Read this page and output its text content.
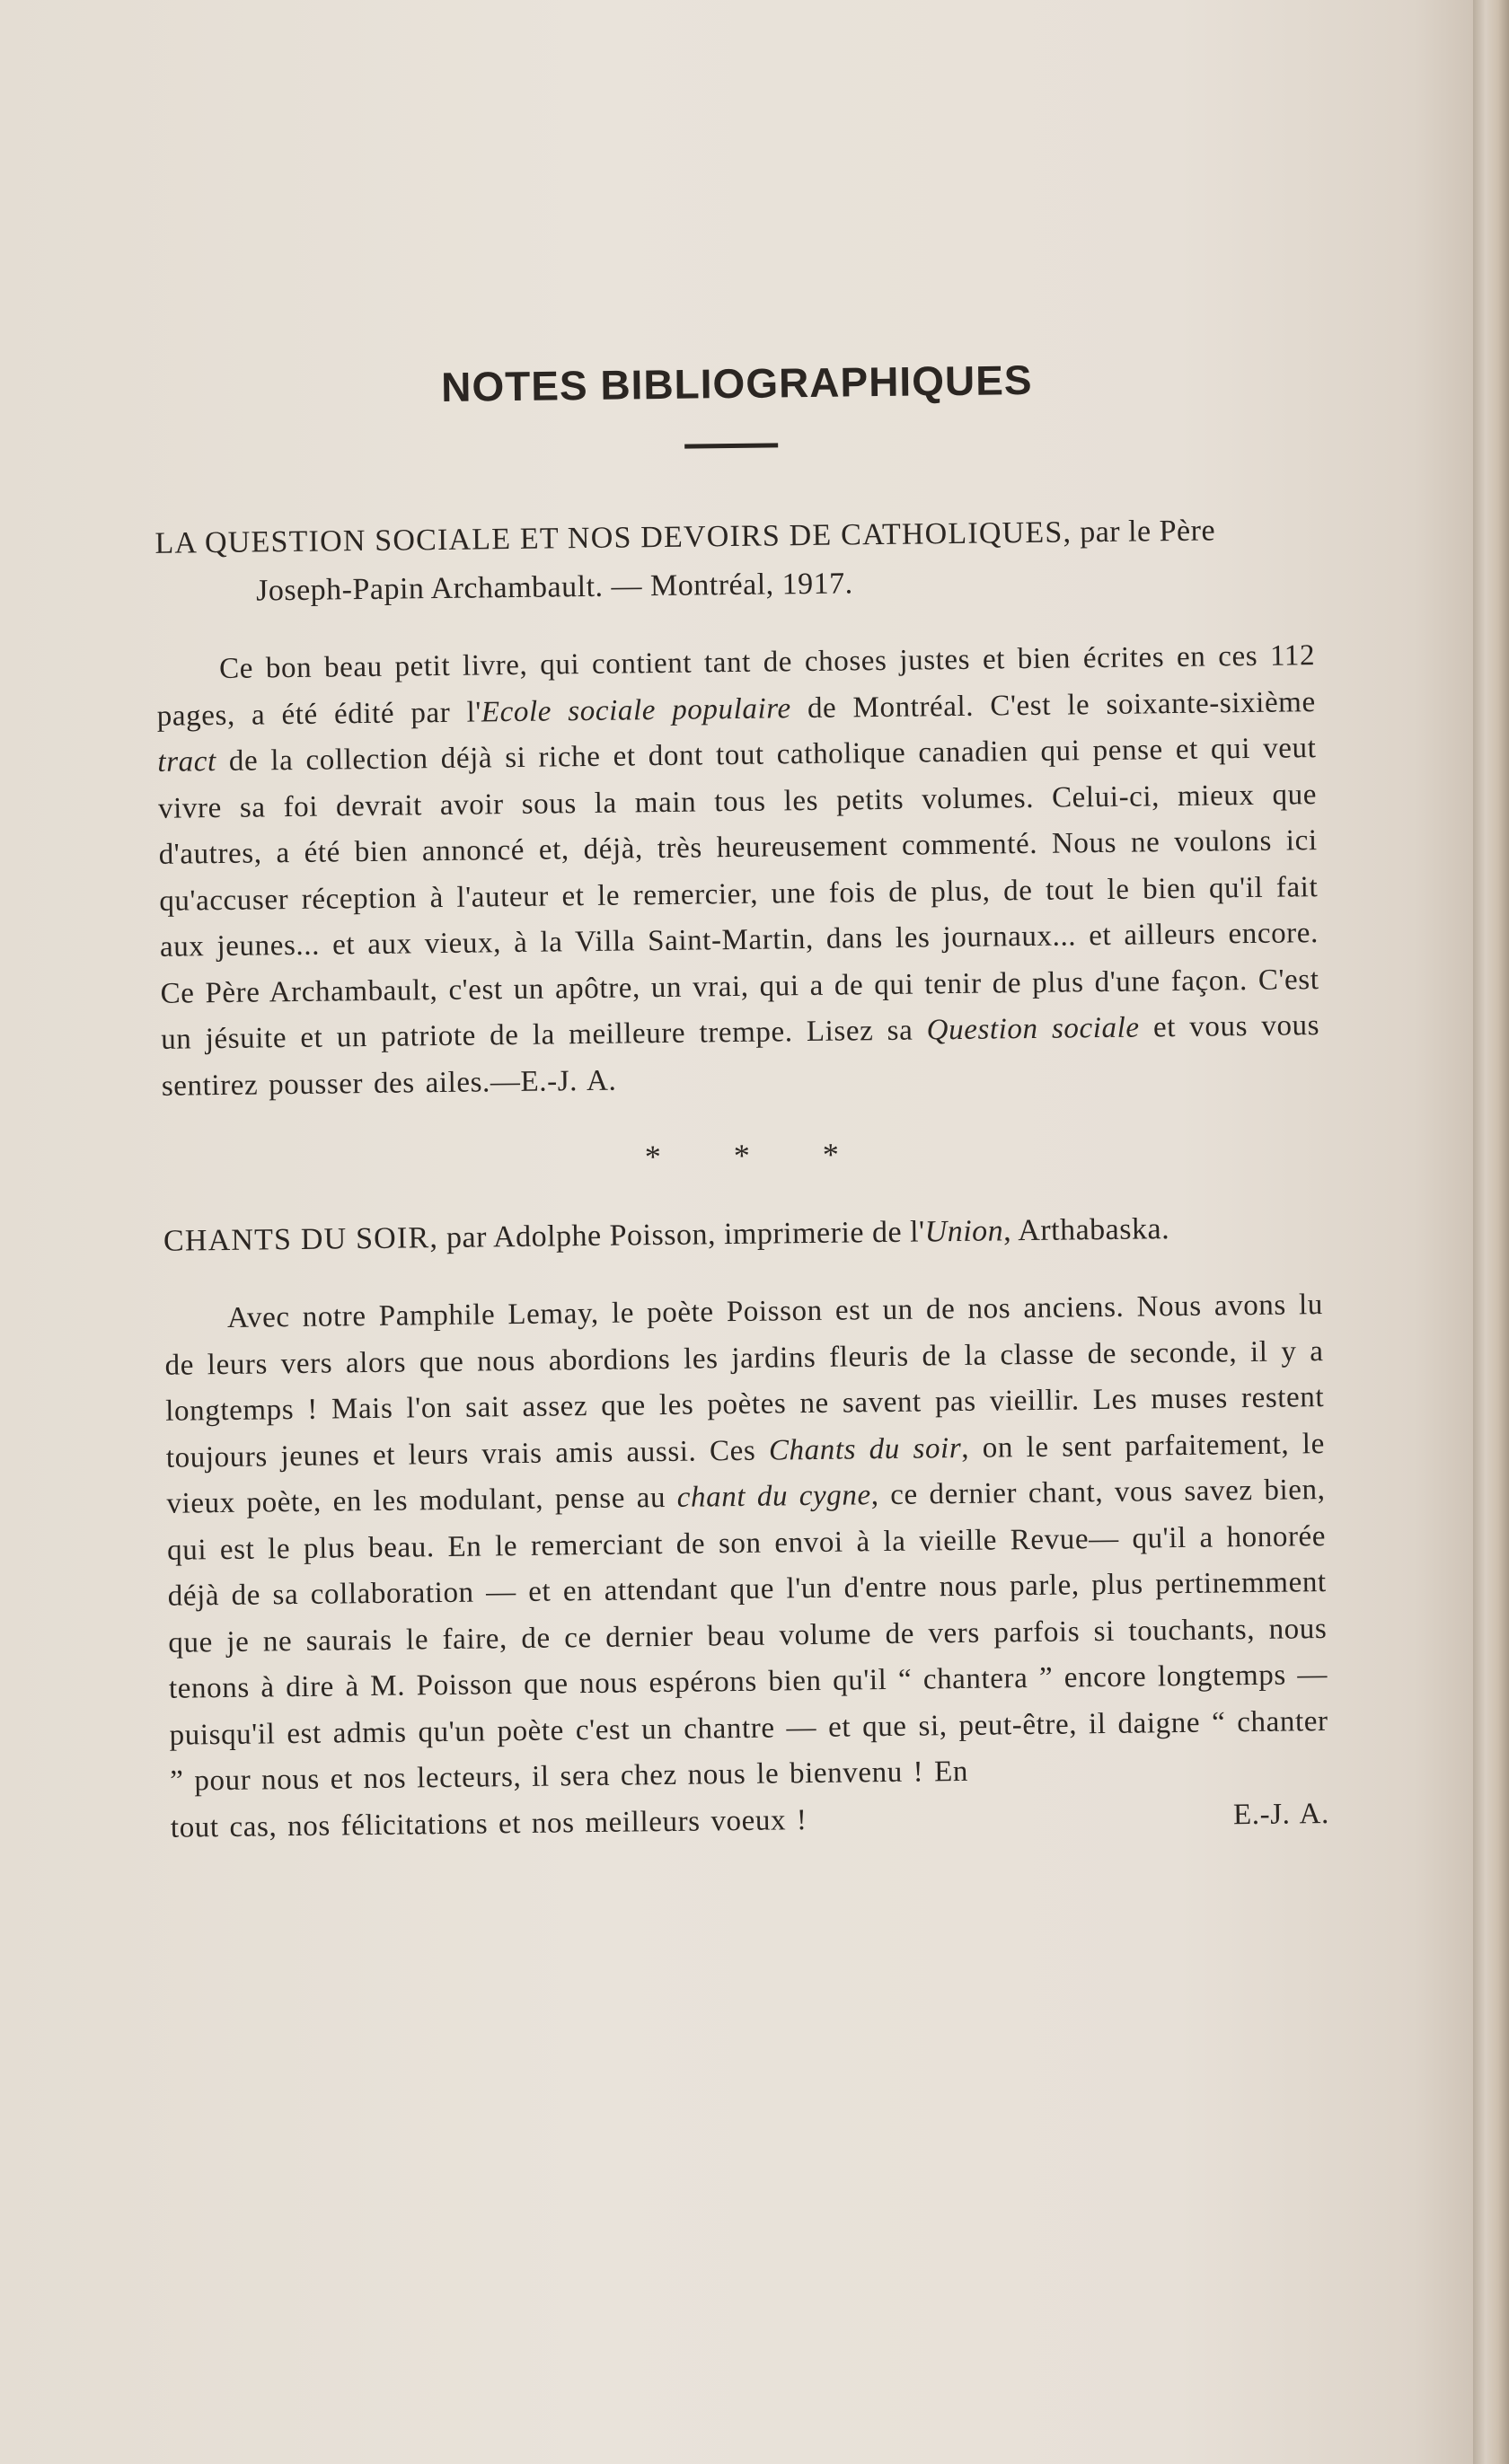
NOTES BIBLIOGRAPHIQUES

LA QUESTION SOCIALE ET NOS DEVOIRS DE CATHOLIQUES, par le Père Joseph-Papin Archambault. — Montréal, 1917.

Ce bon beau petit livre, qui contient tant de choses justes et bien écrites en ces 112 pages, a été édité par l'Ecole sociale populaire de Montréal. C'est le soixante-sixième tract de la collection déjà si riche et dont tout catholique canadien qui pense et qui veut vivre sa foi devrait avoir sous la main tous les petits volumes. Celui-ci, mieux que d'autres, a été bien annoncé et, déjà, très heureusement commenté. Nous ne voulons ici qu'accuser réception à l'auteur et le remercier, une fois de plus, de tout le bien qu'il fait aux jeunes... et aux vieux, à la Villa Saint-Martin, dans les journaux... et ailleurs encore. Ce Père Archambault, c'est un apôtre, un vrai, qui a de qui tenir de plus d'une façon. C'est un jésuite et un patriote de la meilleure trempe. Lisez sa Question sociale et vous vous sentirez pousser des ailes.—E.-J. A.

* * *

CHANTS DU SOIR, par Adolphe Poisson, imprimerie de l'Union, Arthabaska.

Avec notre Pamphile Lemay, le poète Poisson est un de nos anciens. Nous avons lu de leurs vers alors que nous abordions les jardins fleuris de la classe de seconde, il y a longtemps ! Mais l'on sait assez que les poètes ne savent pas vieillir. Les muses restent toujours jeunes et leurs vrais amis aussi. Ces Chants du soir, on le sent parfaitement, le vieux poète, en les modulant, pense au chant du cygne, ce dernier chant, vous savez bien, qui est le plus beau. En le remerciant de son envoi à la vieille Revue— qu'il a honorée déjà de sa collaboration — et en attendant que l'un d'entre nous parle, plus pertinemment que je ne saurais le faire, de ce dernier beau volume de vers parfois si touchants, nous tenons à dire à M. Poisson que nous espérons bien qu'il “ chantera ” encore longtemps — puisqu'il est admis qu'un poète c'est un chantre — et que si, peut-être, il daigne “ chanter ” pour nous et nos lecteurs, il sera chez nous le bienvenu ! En

tout cas, nos félicitations et nos meilleurs voeux !	E.-J. A.
